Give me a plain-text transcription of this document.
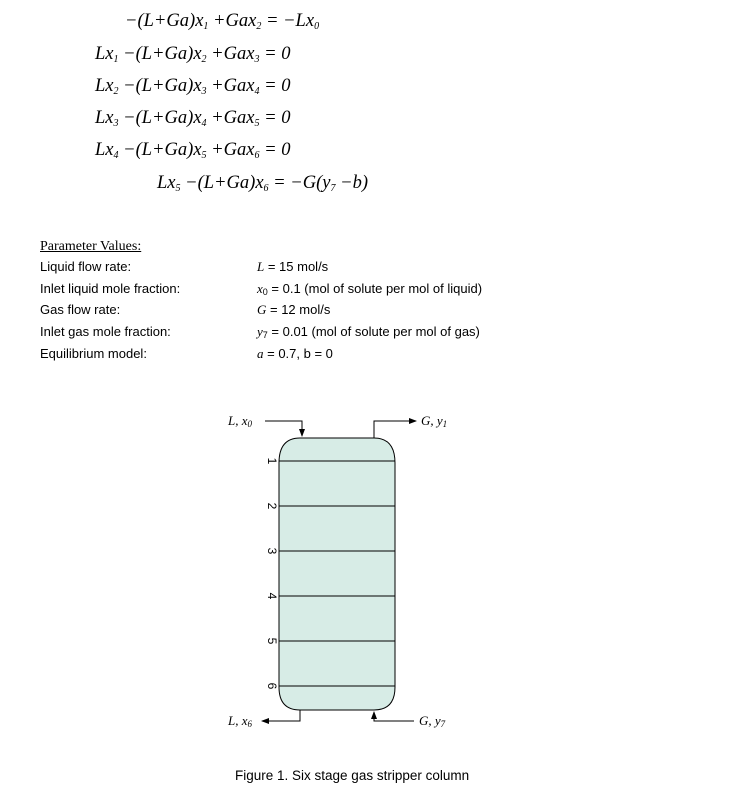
$-(L+Ga)x_1 +Gax_2 = -Lx_0$
$Lx_1 -(L+Ga)x_2 +Gax_3 = 0$
$Lx_2 -(L+Ga)x_3 +Gax_4 = 0$
$Lx_3 -(L+Ga)x_4 +Gax_5 = 0$
$Lx_4 -(L+Ga)x_5 +Gax_6 = 0$
$Lx_5 -(L+Ga)x_6 = -G(y_7 -b)$
Parameter Values:
Liquid flow rate:
Inlet liquid mole fraction:
Gas flow rate:
Inlet gas mole fraction:
Equilibrium model:
L = 15 mol/s
$x_0 = 0.1$ (mol of solute per mol of liquid)
G = 12 mol/s
$y_7 = 0.01$ (mol of solute per mol of gas)
a = 0.7, b = 0
1
2
3
4
5
6
L, $x_0$	G, $y_1$
L, $x_6$	G, $y_7$
Figure 1. Six stage gas stripper column
